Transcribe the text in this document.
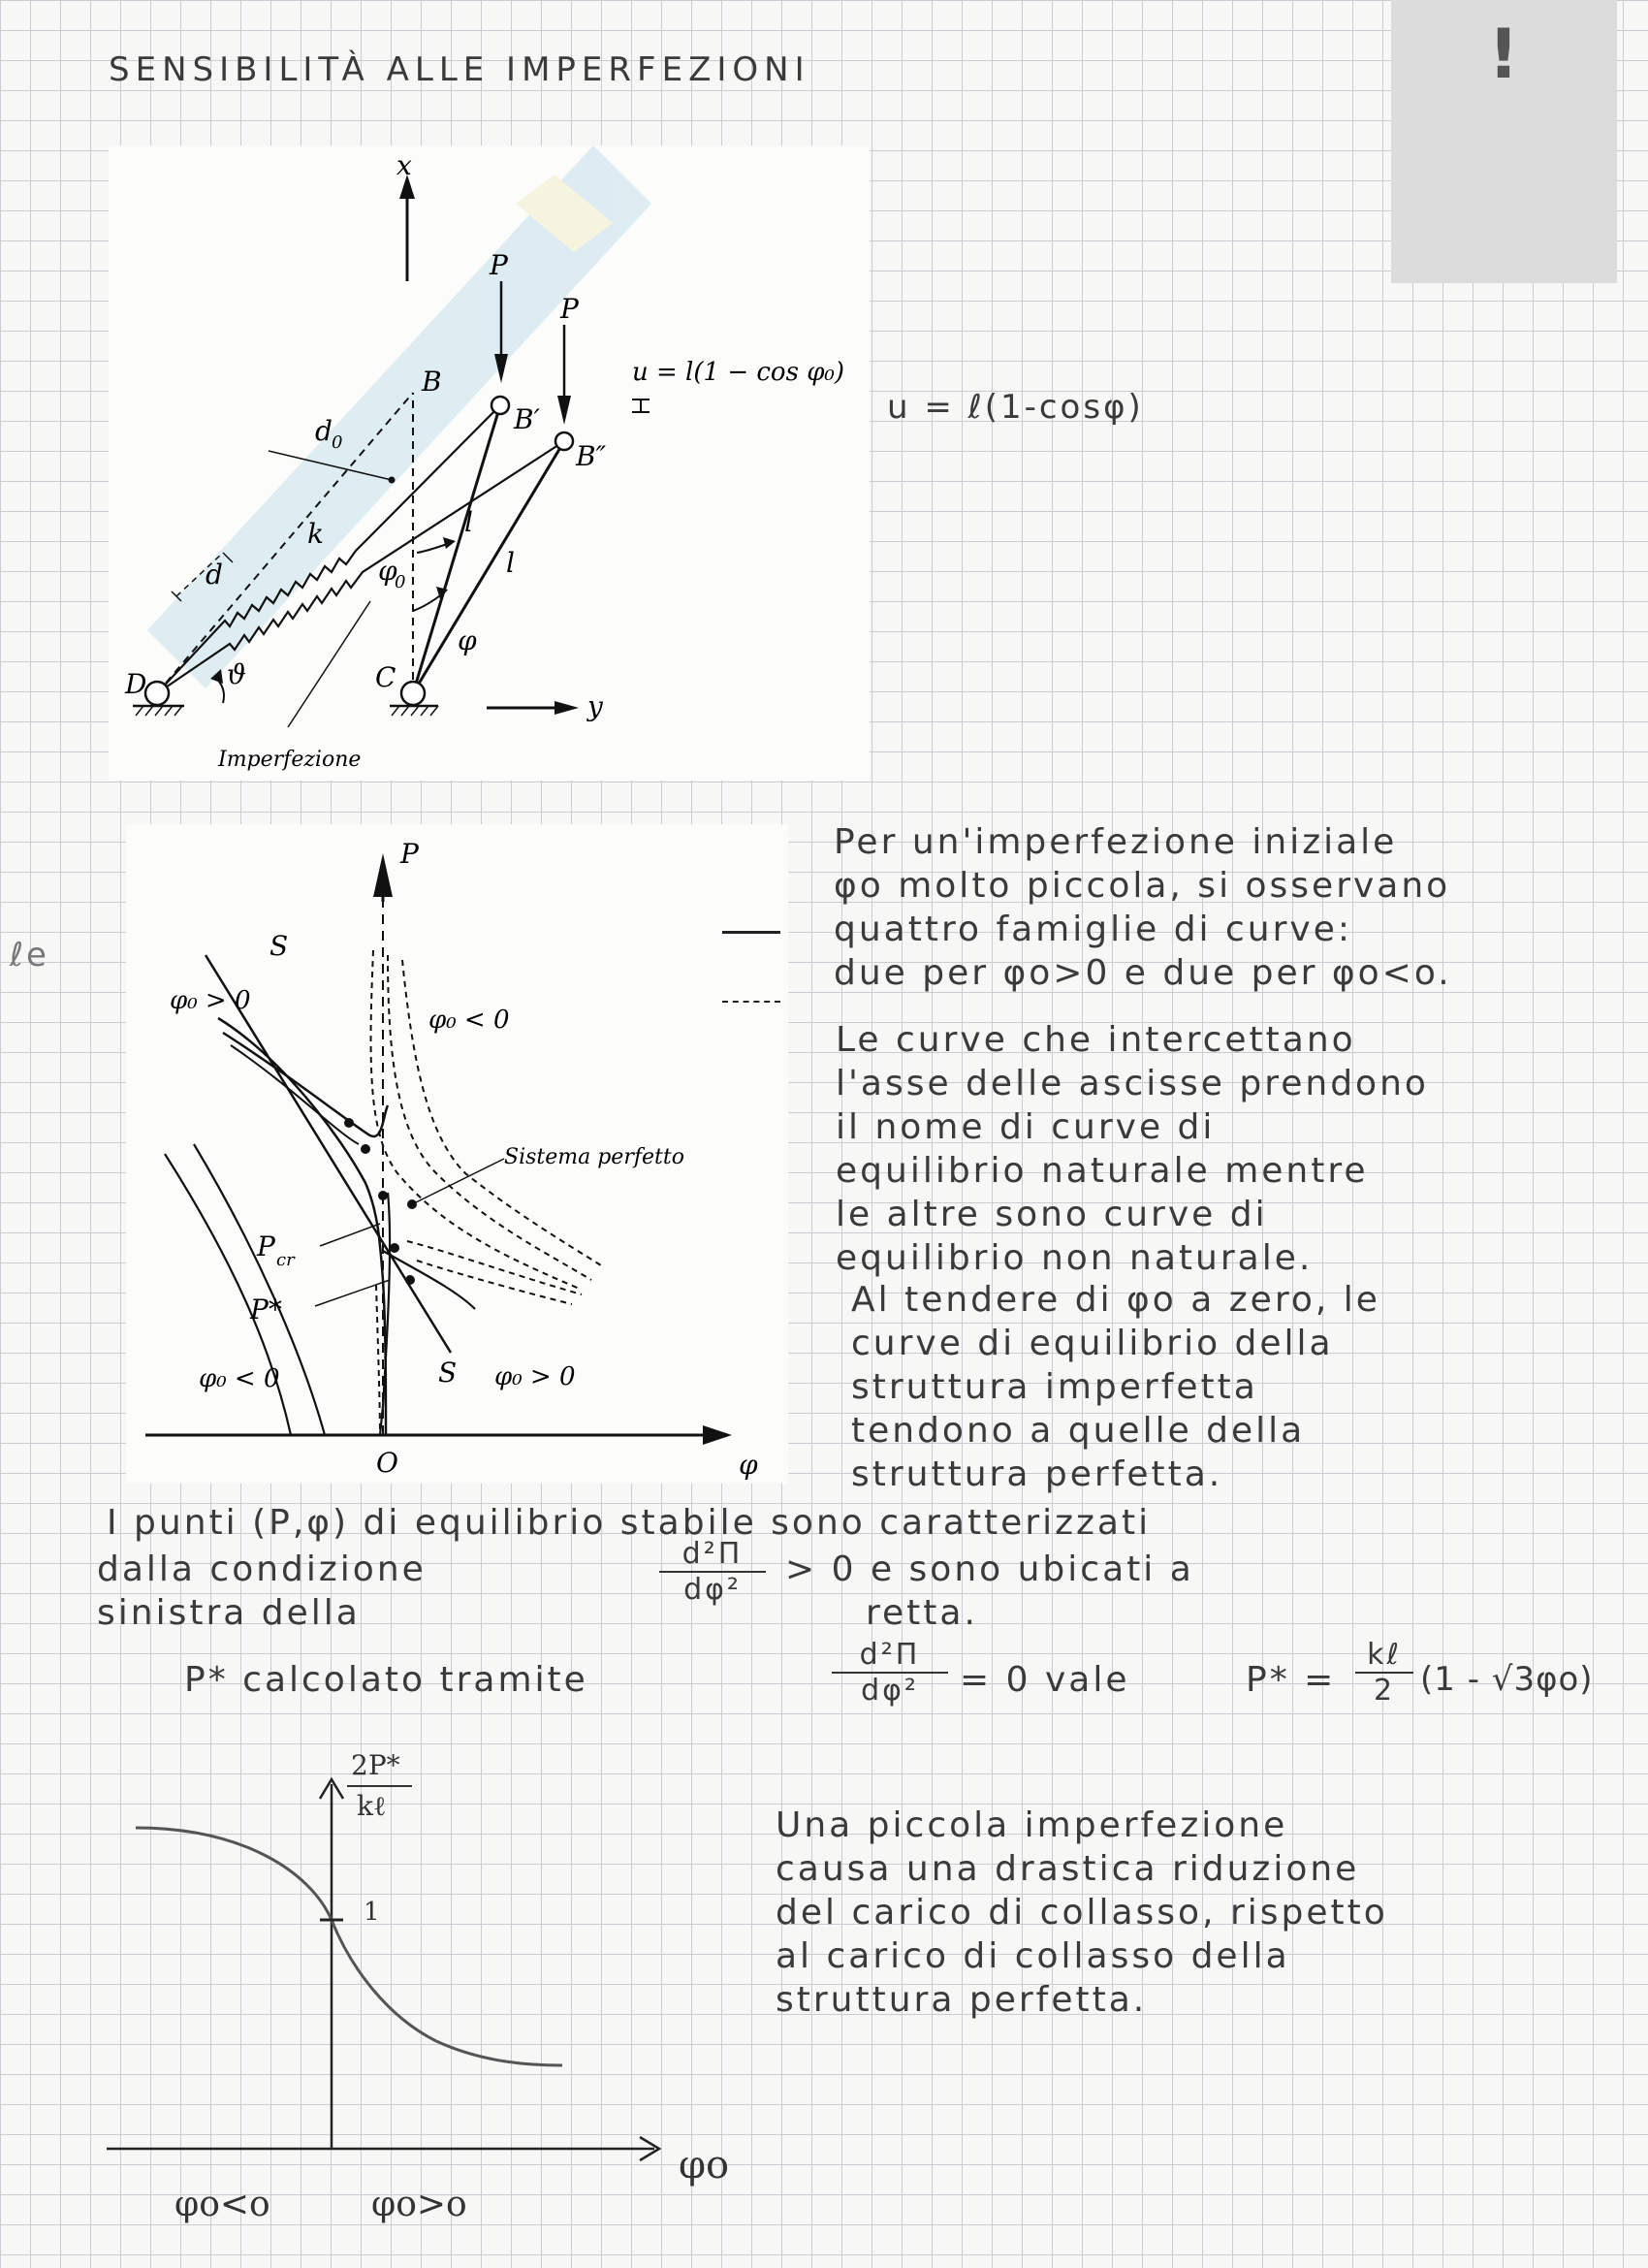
SENSIBILITÀ ALLE IMPERFEZIONI	!
ℓe
x
y
P
P
B
B′
B″
d 0
d
k
φ
0
φ
l
l
ϑ
D	C
Imperfezione
u = l(1 − cos φ₀)
u = ℓ(1-cosφ)
P
O	φ
S
S
Sistema perfetto
P cr
P*
φ₀ > 0
φ₀ < 0
φ₀ < 0	φ₀ > 0
Per un'imperfezione iniziale
φo molto piccola, si osservano
quattro famiglie di curve:
due per φo>0 e due per φo<o.
Le curve che intercettano
l'asse delle ascisse prendono
il nome di curve di
equilibrio naturale mentre
le altre sono curve di
equilibrio non naturale.
Al tendere di φo a zero, le
curve di equilibrio della
struttura imperfetta
tendono a quelle della
struttura perfetta.
I punti (P,φ) di equilibrio stabile sono caratterizzati
dalla condizione	$\frac{\text{d²Π}}{\text{dφ²}} > 0$ e sono ubicati a
sinistra della	retta.
P* calcolato tramite	$\frac{\text{d²Π}}{\text{dφ²}} = 0$ vale	P* =
kℓ
2 (1 - √3φo)
1
2P*
kℓ
φo
φo<o	φo>o
Una piccola imperfezione
causa una drastica riduzione
del carico di collasso, rispetto
al carico di collasso della
struttura perfetta.
